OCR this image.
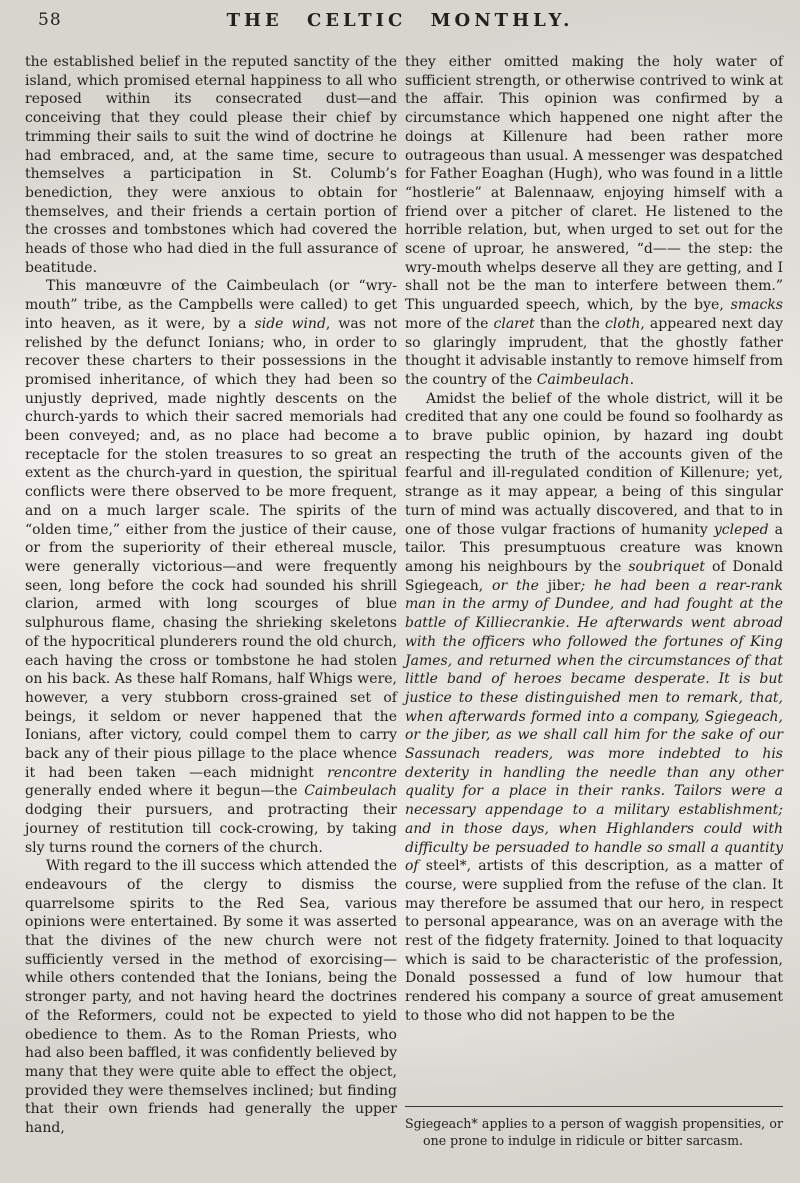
58	THE CELTIC MONTHLY.

the established belief in the reputed sanctity of the island, which promised eternal happiness to all who reposed within its consecrated dust—and conceiving that they could please their chief by trimming their sails to suit the wind of doctrine he had embraced, and, at the same time, secure to themselves a participation in St. Columb’s benediction, they were anxious to obtain for themselves, and their friends a certain portion of the crosses and tombstones which had covered the heads of those who had died in the full assurance of beatitude.

This manœuvre of the Caimbeulach (or “wry-mouth” tribe, as the Campbells were called) to get into heaven, as it were, by a side wind, was not relished by the defunct Ionians; who, in order to recover these charters to their possessions in the promised inheritance, of which they had been so unjustly deprived, made nightly descents on the church-yards to which their sacred memorials had been conveyed; and, as no place had become a receptacle for the stolen treasures to so great an extent as the church-yard in question, the spiritual conflicts were there observed to be more frequent, and on a much larger scale. The spirits of the “olden time,” either from the justice of their cause, or from the superiority of their ethereal muscle, were generally victorious—and were frequently seen, long before the cock had sounded his shrill clarion, armed with long scourges of blue sulphurous flame, chasing the shrieking skeletons of the hypocritical plunderers round the old church, each having the cross or tombstone he had stolen on his back. As these half Romans, half Whigs were, however, a very stubborn cross-grained set of beings, it seldom or never happened that the Ionians, after victory, could compel them to carry back any of their pious pillage to the place whence it had been taken —each midnight rencontre generally ended where it begun—the Caimbeulach dodging their pursuers, and protracting their journey of restitution till cock-crowing, by taking sly turns round the corners of the church.

With regard to the ill success which attended the endeavours of the clergy to dismiss the quarrelsome spirits to the Red Sea, various opinions were entertained. By some it was asserted that the divines of the new church were not sufficiently versed in the method of exorcising—while others contended that the Ionians, being the stronger party, and not having heard the doctrines of the Reformers, could not be expected to yield obedience to them. As to the Roman Priests, who had also been baffled, it was confidently believed by many that they were quite able to effect the object, provided they were themselves inclined; but finding that their own friends had generally the upper hand,

they either omitted making the holy water of sufficient strength, or otherwise contrived to wink at the affair. This opinion was confirmed by a circumstance which happened one night after the doings at Killenure had been rather more outrageous than usual. A messenger was despatched for Father Eoaghan (Hugh), who was found in a little “hostlerie” at Balennaaw, enjoying himself with a friend over a pitcher of claret. He listened to the horrible relation, but, when urged to set out for the scene of uproar, he answered, “d—— the step: the wry-mouth whelps deserve all they are getting, and I shall not be the man to interfere between them.” This unguarded speech, which, by the bye, smacks more of the claret than the cloth, appeared next day so glaringly imprudent, that the ghostly father thought it advisable instantly to remove himself from the country of the Caimbeulach.

Amidst the belief of the whole district, will it be credited that any one could be found so foolhardy as to brave public opinion, by hazard ing doubt respecting the truth of the accounts given of the fearful and ill-regulated condition of Killenure; yet, strange as it may appear, a being of this singular turn of mind was actually discovered, and that to in one of those vulgar fractions of humanity ycleped a tailor. This presumptuous creature was known among his neighbours by the soubriquet of Donald Sgiegeach, or the jiber; he had been a rear-rank man in the army of Dundee, and had fought at the battle of Killiecrankie. He afterwards went abroad with the officers who followed the fortunes of King James, and returned when the circumstances of that little band of heroes became desperate. It is but justice to these distinguished men to remark, that, when afterwards formed into a company, Sgiegeach, or the jiber, as we shall call him for the sake of our Sassunach readers, was more indebted to his dexterity in handling the needle than any other quality for a place in their ranks. Tailors were a necessary appendage to a military establishment; and in those days, when Highlanders could with difficulty be persuaded to handle so small a quantity of steel*, artists of this description, as a matter of course, were supplied from the refuse of the clan. It may therefore be assumed that our hero, in respect to personal appearance, was on an average with the rest of the fidgety fraternity. Joined to that loquacity which is said to be characteristic of the profession, Donald possessed a fund of low humour that rendered his company a source of great amusement to those who did not happen to be the

Sgiegeach* applies to a person of waggish propensities, or one prone to indulge in ridicule or bitter sarcasm.
